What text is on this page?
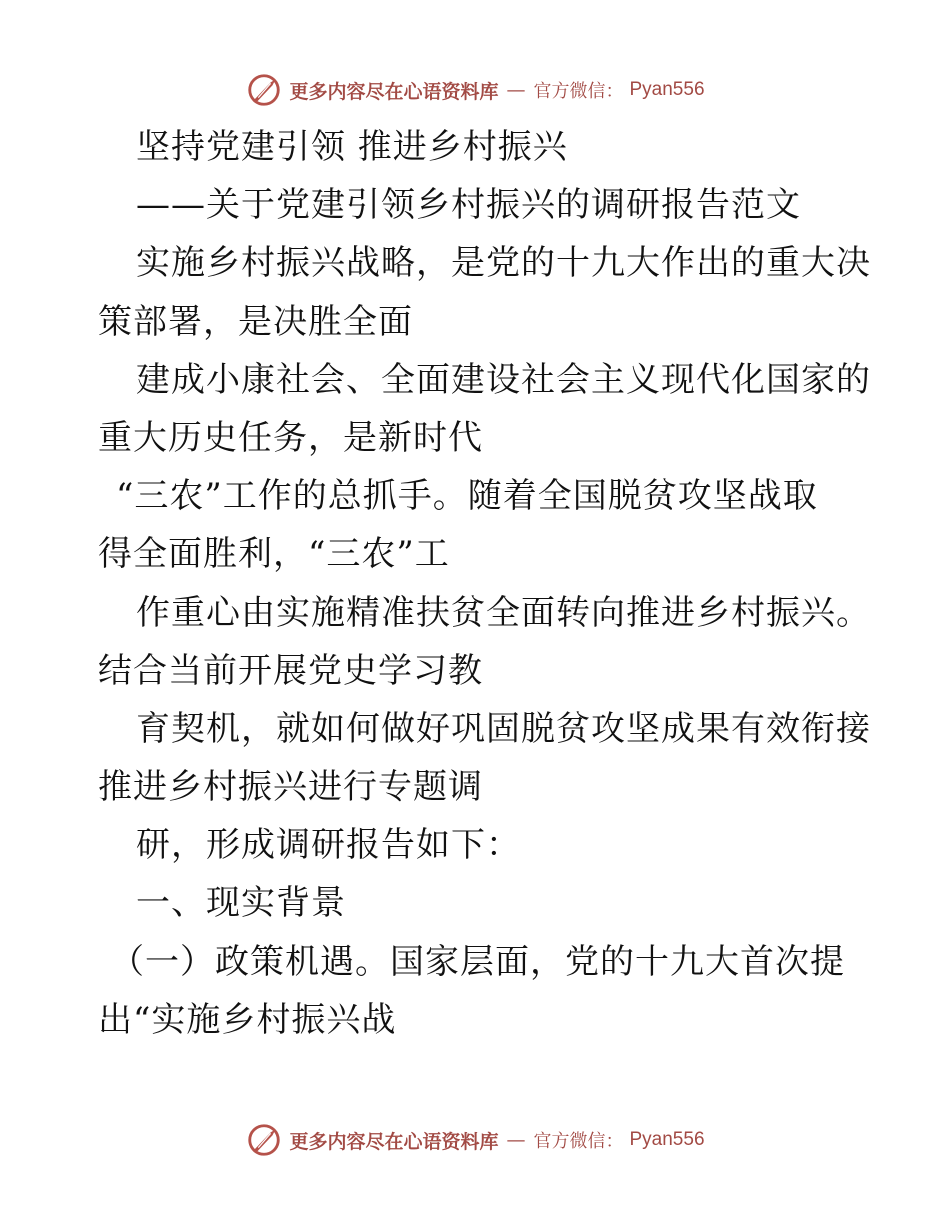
更多内容尽在心语资料库 — 官方微信： Pyan556
坚持党建引领 推进乡村振兴
——关于党建引领乡村振兴的调研报告范文
实施乡村振兴战略，是党的十九大作出的重大决
策部署，是决胜全面
建成小康社会、全面建设社会主义现代化国家的
重大历史任务，是新时代
“三农”工作的总抓手。随着全国脱贫攻坚战取
得全面胜利，“三农”工
作重心由实施精准扶贫全面转向推进乡村振兴。
结合当前开展党史学习教
育契机，就如何做好巩固脱贫攻坚成果有效衔接
推进乡村振兴进行专题调
研，形成调研报告如下：
一、现实背景
（一）政策机遇。国家层面，党的十九大首次提
出“实施乡村振兴战
更多内容尽在心语资料库 — 官方微信： Pyan556
